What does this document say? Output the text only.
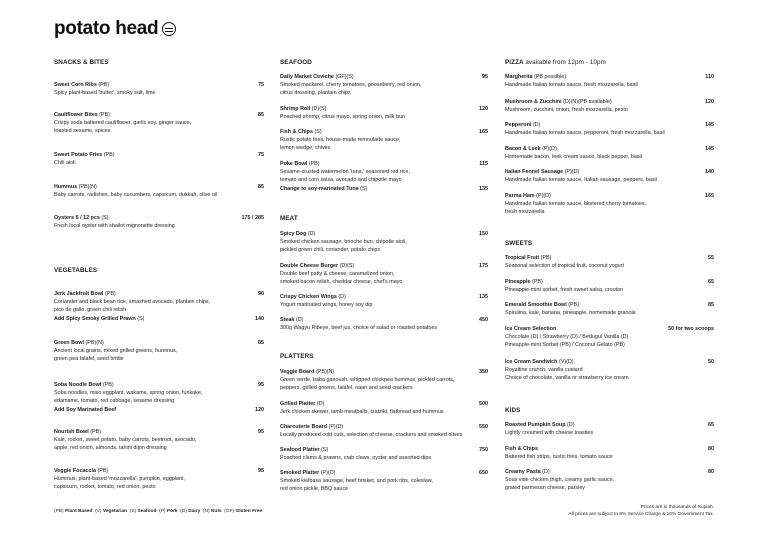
potato head
SNACKS & BITES
Sweet Corn Ribs (PB)	75
Spicy plant-based 'butter', smoky salt, lime
Cauliflower Bites (PB)	85
Crispy soda battered cauliflower, garlic soy, ginger sauce,
toasted sesame, spices
Sweet Potato Fries (PB)	75
Chili aioli
Hummus (PB)(N)	85
Baby carrots, radishes, baby cucumbers, capsicum, dukkah, olive oil
Oysters 6 / 12 pcs (S)	175 / 285
Fresh local oyster with shallot mignonette dressing
VEGETABLES
Jerk Jackfruit Bowl (PB)	90
Coriander and black bean rice, smashed avocado, plantain chips,
pico de gallo, green chili relish
Add Spicy Smoky Grilled Prawn (S)	140
Green Bowl (PB)(N)	85
Ancient local grains, mixed grilled greens, hummus,
green pea falafel, seed brittle
Soba Noodle Bowl (PB)	95
Soba noodles, miso eggplant, wakame, spring onion, furikake,
edamame, tomato, red cabbage, sesame dressing
Add Soy Marinated Beef	120
Nourish Bowl (PB)	95
Kale, rocket, sweet potato, baby carrots, beetroot, avocado,
apple, red onion, almonds, tahini dijon dressing
Veggie Focaccia (PB)	95
Hummus, plant-based 'mozzarella', pumpkin, eggplant,
capsicum, rocket, tomato, red onion, pesto
SEAFOOD
Daily Market Ceviche (GF)(S)	95
Smoked mackerel, cherry tomatoes, gooseberry, red onion,
citrus dressing, plantain chips
Shrimp Roll (D)(S)	120
Poached shrimp, citrus mayo, spring onion, milk bun
Fish & Chips (S)	165
Rustic potato fries, house-made remoulade sauce,
lemon wedge, chives
Poke Bowl (PB)	115
Sesame-crusted watermelon 'tuna,' seasoned red rice,
tomato and corn salsa, avocado and chipotle mayo
Change to soy-marinated Tuna (S)	135
MEAT
Spicy Dog (D)	150
Smoked chicken sausage, brioche bun, chipotle aioli,
pickled green chili, coriander, potato chips
Double Cheese Burger (D)(S)	175
Double beef patty & cheese, caramelized onion,
smoked bacon relish, cheddar cheese, chef's mayo
Crispy Chicken Wings (D)	135
Yogurt marinated wings, honey soy dip
Steak (D)	450
300g Wagyu Ribeye, beef jus, choice of salad or roasted potatoes
PLATTERS
Veggie Board (PB)(N)	350
Green verde, baba ganoush, whipped chickpea hummus, pickled carrots,
peppers, grilled greens, falafel, naan and seed crackers
Grilled Platter (D)	500
Jerk chicken skewer, lamb meatballs, tzatziki, flatbread and hummus
Charcuterie Board (P)(D)	550
Locally produced cold cuts, selection of cheese, crackers and smoked olives
Seafood Platter (S)	750
Poached clams & prawns, crab claws, oyster and assorted dips
Smoked Platter (P)(D)	650
Smoked kielbasa sausage, beef brisket, and pork ribs, coleslaw,
red onion pickle, BBQ sauce
PIZZA available from 12pm - 10pm
Margherita (PB possible)	110
Handmade Italian tomato sauce, fresh mozzarella, basil
Mushroom & Zucchini (D)(N)(PB available)	120
Mushroom, zucchini, onion, fresh mozzarella, pesto
Pepperoni (D)	145
Handmade Italian tomato sauce, pepperoni, fresh mozzarella, basil
Bacon & Leek (P)(D)	145
Homemade bacon, leek cream sauce, black pepper, basil
Italian Fennel Sausage (P)(D)	140
Handmade Italian tomato sauce, Italian sausage, peppers, basil
Parma Ham (P)(D)	165
Handmade Italian tomato sauce, blistered cherry tomatoes,
fresh mozzarella
SWEETS
Tropical Fruit (PB)	55
Seasonal selection of tropical fruit, coconut yogurt
Pineapple (PB)	65
Pineapple-mint sorbet, fresh sweet salsa, crouton
Emerald Smoothie Bowl (PB)	85
Spirulina, kale, banana, pineapple, homemade granola
Ice Cream Selection	50 for two scoops
Chocolate (D) / Strawberry (D) / Bedugul Vanilla (D)
Pineapple-mint Sorbet (PB) / Coconut Gelato (PB)
Ice Cream Sandwich (V)(D)	50
Royaltine crunch, vanilla custard
Choice of chocolate, vanilla or strawberry ice cream
KIDS
Roasted Pumpkin Soup (D)	65
Lightly creamed with cheese toasties
Fish & Chips	80
Battered fish strips, rustic fries, tomato sauce
Creamy Pasta (D)	80
Sous vide chicken thigh, creamy garlic sauce,
grated parmesan cheese, parsley
(PB) Plant Based (V) Vegetarian (S) Seafood (P) Pork (D) Dairy (N) Nuts (GF) Gluten Free
Prices are in thousands of Rupiah.
All prices are subject to 8% Service Charge & 10% Government Tax.
